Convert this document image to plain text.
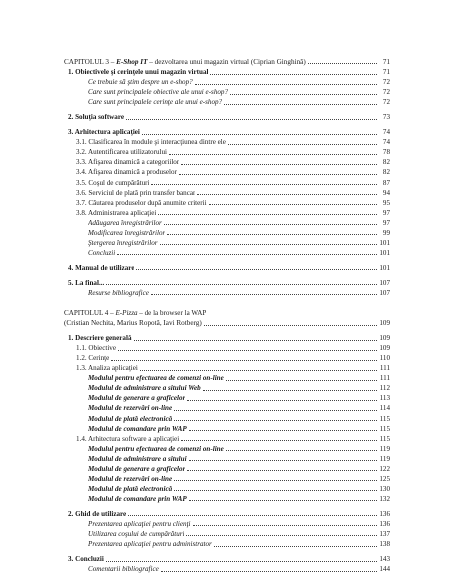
CAPITOLUL 3 – E-Shop IT – dezvoltarea unui magazin virtual (Ciprian Ginghină)	71
1. Obiectivele şi cerinţele unui magazin virtual	71
Ce trebuie să ştim despre un e-shop?	72
Care sunt principalele obiective ale unui e-shop?	72
Care sunt principalele cerinţe ale unui e-shop?	72
2. Soluţia software	73
3. Arhitectura aplicaţiei	74
3.1. Clasificarea în module şi interacţiunea dintre ele	74
3.2. Autentificarea utilizatorului	78
3.3. Afişarea dinamică a categoriilor	82
3.4. Afişarea dinamică a produselor	82
3.5. Coşul de cumpărături	87
3.6. Serviciul de plată prin transfer bancar	94
3.7. Căutarea produselor după anumite criterii	95
3.8. Administrarea aplicaţiei	97
Adăugarea înregistrărilor	97
Modificarea înregistrărilor	99
Ştergerea înregistrărilor	101
Concluzii	101
4. Manual de utilizare	101
5. La final...	107
Resurse bibliografice	107
CAPITOLUL 4 – E-Pizza – de la browser la WAP
(Cristian Nechita, Marius Ropotă, Iavi Rotberg)	109
1. Descriere generală	109
1.1. Obiective	109
1.2. Cerinţe	110
1.3. Analiza aplicaţiei	111
Modulul pentru efectuarea de comenzi on-line	111
Modulul de administrare a sitului Web	112
Modulul de generare a graficelor	113
Modulul de rezervări on-line	114
Modulul de plată electronică	115
Modulul de comandare prin WAP	115
1.4. Arhitectura software a aplicaţiei	115
Modulul pentru efectuarea de comenzi on-line	119
Modulul de administrare a sitului	119
Modulul de generare a graficelor	122
Modulul de rezervări on-line	125
Modulul de plată electronică	130
Modulul de comandare prin WAP	132
2. Ghid de utilizare	136
Prezentarea aplicaţiei pentru clienţi	136
Utilizarea coşului de cumpărături	137
Prezentarea aplicaţiei pentru administrator	138
3. Concluzii	143
Comentarii bibliografice	144
